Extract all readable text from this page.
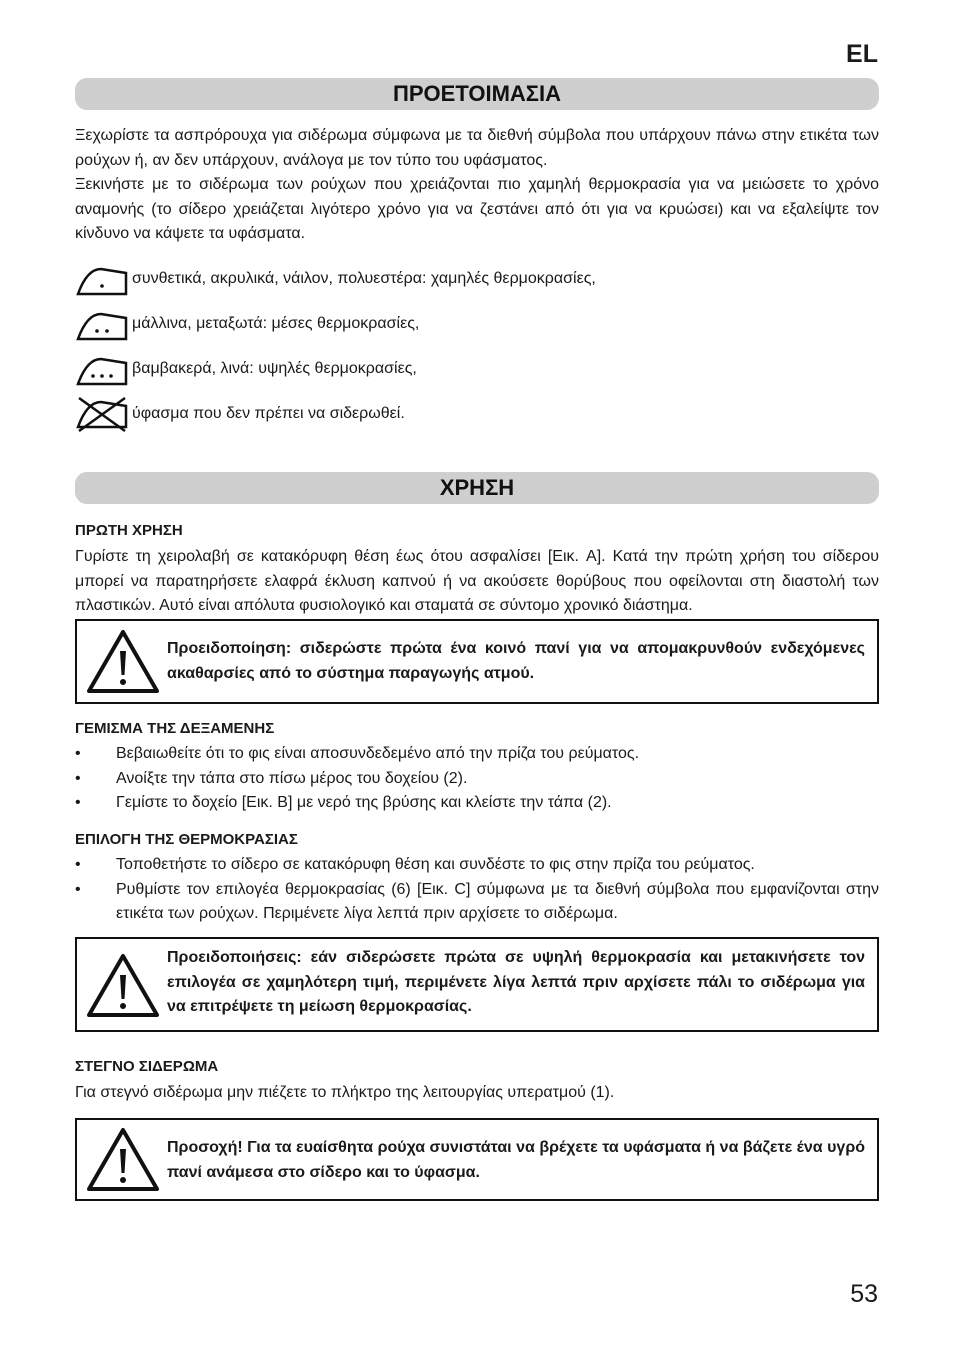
EL
ΠΡΟΕΤΟΙΜΑΣΙΑ

Ξεχωρίστε τα ασπρόρουχα για σιδέρωμα σύμφωνα με τα διεθνή σύμβολα που υπάρχουν πάνω στην ετικέτα των ρούχων ή, αν δεν υπάρχουν, ανάλογα με τον τύπο του υφάσματος.

Ξεκινήστε με το σιδέρωμα των ρούχων που χρειάζονται πιο χαμηλή θερμοκρασία για να μειώσετε το χρόνο αναμονής (το σίδερο χρειάζεται λιγότερο χρόνο για να ζεστάνει από ότι για να κρυώσει) και να εξαλείψτε τον κίνδυνο να κάψετε τα υφάσματα.

συνθετικά, ακρυλικά, νάιλον, πολυεστέρα: χαμηλές θερμοκρασίες,
μάλλινα, μεταξωτά: μέσες θερμοκρασίες,
βαμβακερά, λινά: υψηλές θερμοκρασίες,
ύφασμα που δεν πρέπει να σιδερωθεί.
ΧΡΗΣΗ

ΠΡΩΤΗ ΧΡΗΣΗ

Γυρίστε τη χειρολαβή σε κατακόρυφη θέση έως ότου ασφαλίσει [Εικ. A]. Κατά την πρώτη χρήση του σίδερου μπορεί να παρατηρήσετε ελαφρά έκλυση καπνού ή να ακούσετε θορύβους που οφείλονται στη διαστολή των πλαστικών. Αυτό είναι απόλυτα φυσιολογικό και σταματά σε σύντομο χρονικό διάστημα.

Προειδοποίηση: σιδερώστε πρώτα ένα κοινό πανί για να απομακρυνθούν ενδεχόμενες ακαθαρσίες από το σύστημα παραγωγής ατμού.

ΓΕΜΙΣΜΑ ΤΗΣ ΔΕΞΑΜΕΝΗΣ

• Βεβαιωθείτε ότι το φις είναι αποσυνδεδεμένο από την πρίζα του ρεύματος.
• Ανοίξτε την τάπα στο πίσω μέρος του δοχείου (2).
• Γεμίστε το δοχείο [Εικ. B] με νερό της βρύσης και κλείστε την τάπα (2).

ΕΠΙΛΟΓΗ ΤΗΣ ΘΕΡΜΟΚΡΑΣΙΑΣ

• Τοποθετήστε το σίδερο σε κατακόρυφη θέση και συνδέστε το φις στην πρίζα του ρεύματος.
• Ρυθμίστε τον επιλογέα θερμοκρασίας (6) [Εικ. C] σύμφωνα με τα διεθνή σύμβολα που εμφανίζονται στην ετικέτα των ρούχων. Περιμένετε λίγα λεπτά πριν αρχίσετε το σιδέρωμα.

Προειδοποιήσεις: εάν σιδερώσετε πρώτα σε υψηλή θερμοκρασία και μετακινήσετε τον επιλογέα σε χαμηλότερη τιμή, περιμένετε λίγα λεπτά πριν αρχίσετε πάλι το σιδέρωμα για να επιτρέψετε τη μείωση θερμοκρασίας.

ΣΤΕΓΝΟ ΣΙΔΕΡΩΜΑ

Για στεγνό σιδέρωμα μην πιέζετε το πλήκτρο της λειτουργίας υπερατμού (1).

Προσοχή! Για τα ευαίσθητα ρούχα συνιστάται να βρέχετε τα υφάσματα ή να βάζετε ένα υγρό πανί ανάμεσα στο σίδερο και το ύφασμα.

53
